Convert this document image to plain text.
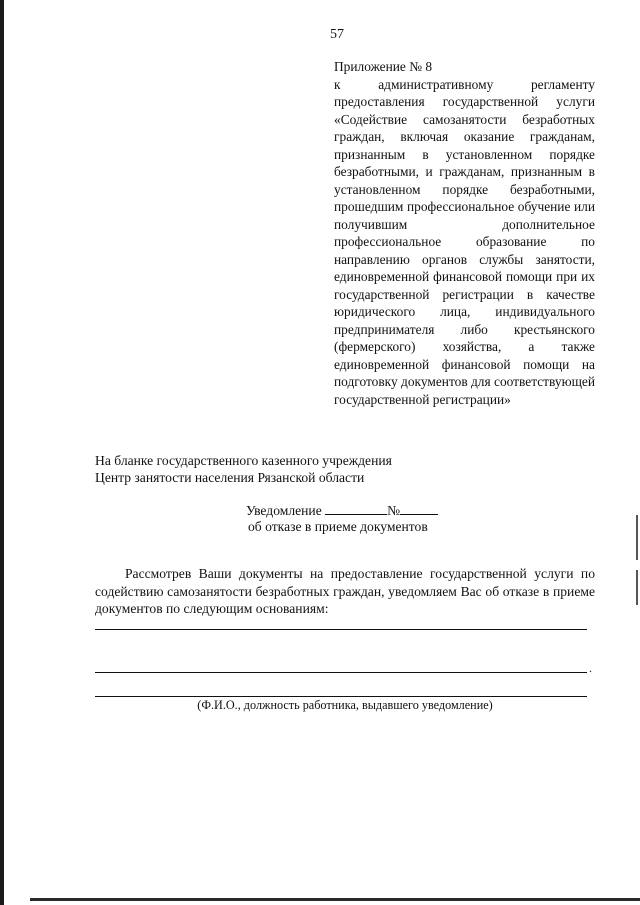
57
Приложение № 8
к административному регламенту предоставления государственной услуги «Содействие самозанятости безработных граждан, включая оказание гражданам, признанным в установленном порядке безработными, и гражданам, признанным в установленном порядке безработными, прошедшим профессиональное обучение или получившим дополнительное профессиональное образование по направлению органов службы занятости, единовременной финансовой помощи при их государственной регистрации в качестве юридического лица, индивидуального предпринимателя либо крестьянского (фермерского) хозяйства, а также единовременной финансовой помощи на подготовку документов для соответствующей государственной регистрации»
На бланке государственного казенного учреждения
Центр занятости населения Рязанской области
Уведомление	№
об отказе в приеме документов
Рассмотрев Ваши документы на предоставление государственной услуги по содействию самозанятости безработных граждан, уведомляем Вас об отказе в приеме документов по следующим основаниям:
.
(Ф.И.О., должность работника, выдавшего уведомление)
